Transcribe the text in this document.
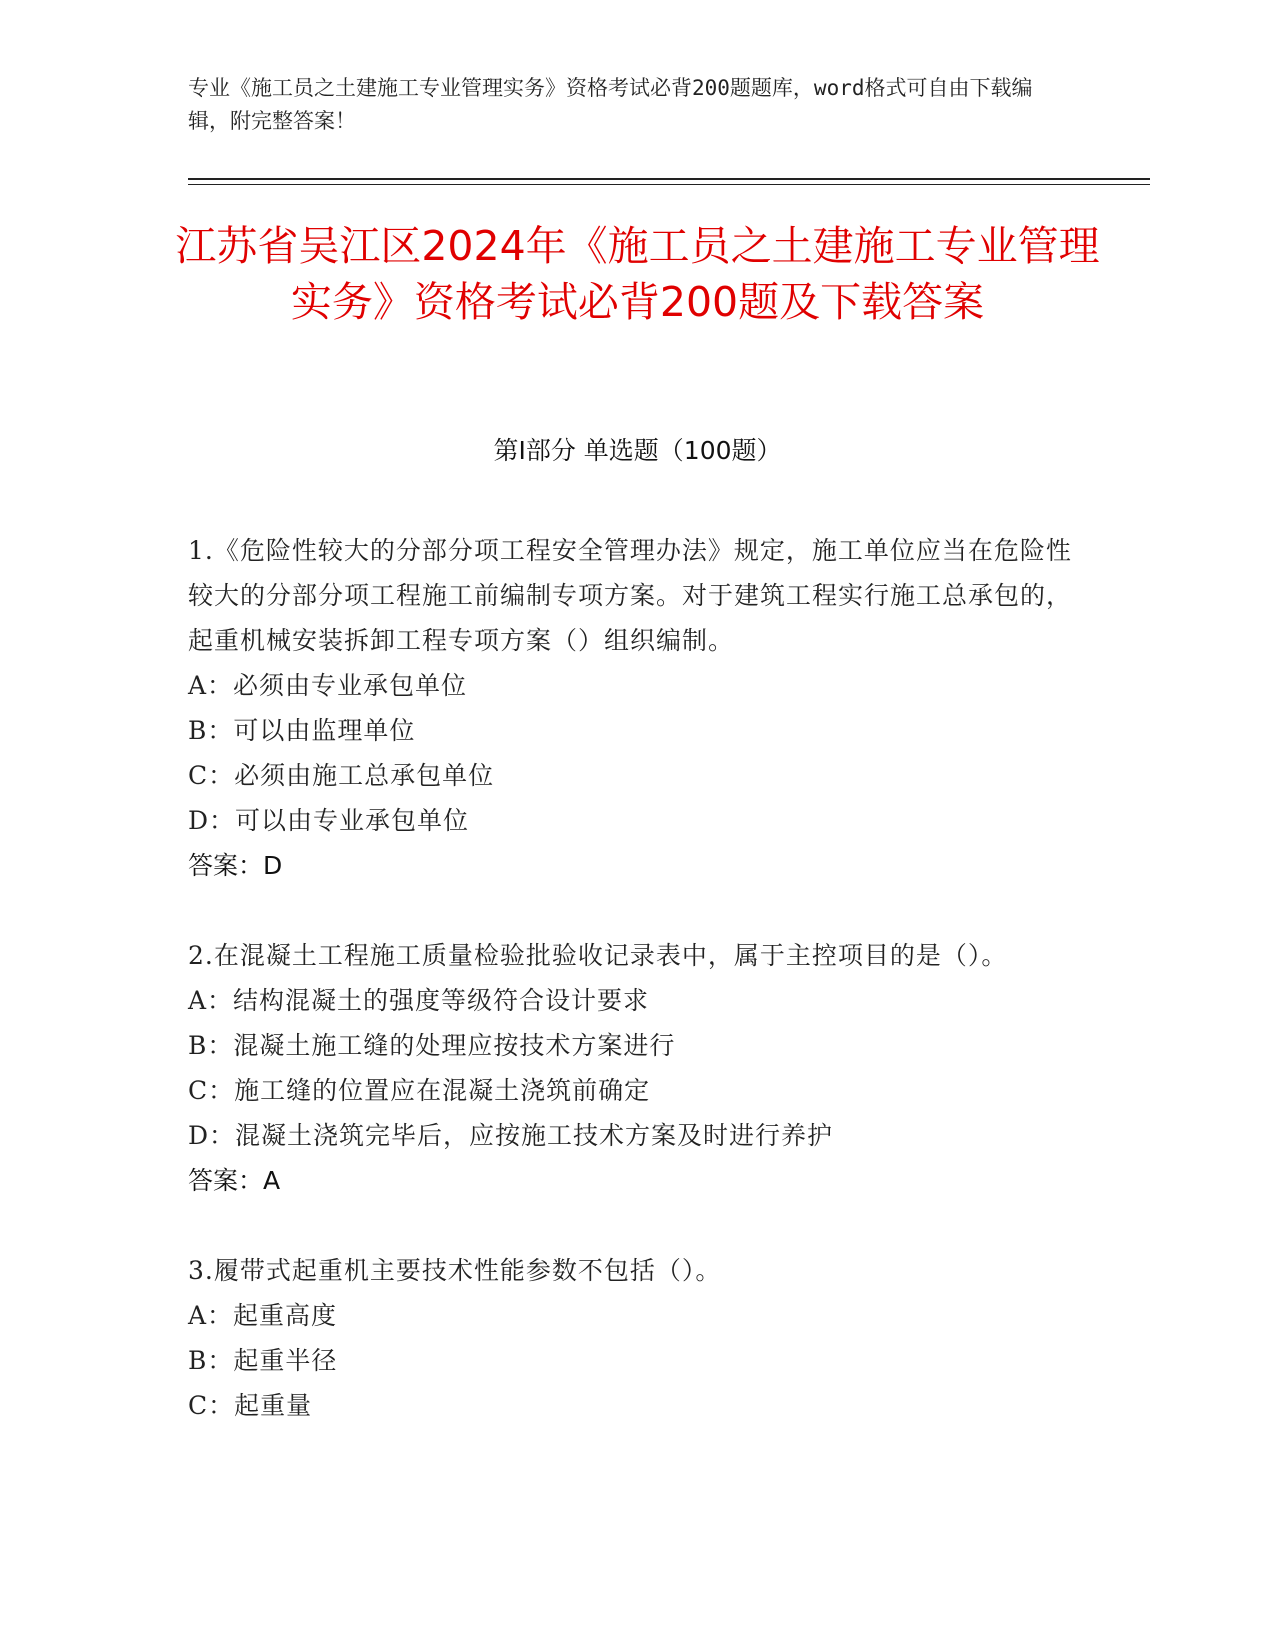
专业《施工员之土建施工专业管理实务》资格考试必背200题题库，word格式可自由下载编辑，附完整答案！
江苏省吴江区2024年《施工员之土建施工专业管理实务》资格考试必背200题及下载答案
第Ⅰ部分 单选题（100题）
1.《危险性较大的分部分项工程安全管理办法》规定，施工单位应当在危险性较大的分部分项工程施工前编制专项方案。对于建筑工程实行施工总承包的，起重机械安装拆卸工程专项方案（）组织编制。
A：必须由专业承包单位
B：可以由监理单位
C：必须由施工总承包单位
D：可以由专业承包单位
答案：D
2.在混凝土工程施工质量检验批验收记录表中，属于主控项目的是（）。
A：结构混凝土的强度等级符合设计要求
B：混凝土施工缝的处理应按技术方案进行
C：施工缝的位置应在混凝土浇筑前确定
D：混凝土浇筑完毕后，应按施工技术方案及时进行养护
答案：A
3.履带式起重机主要技术性能参数不包括（）。
A：起重高度
B：起重半径
C：起重量
